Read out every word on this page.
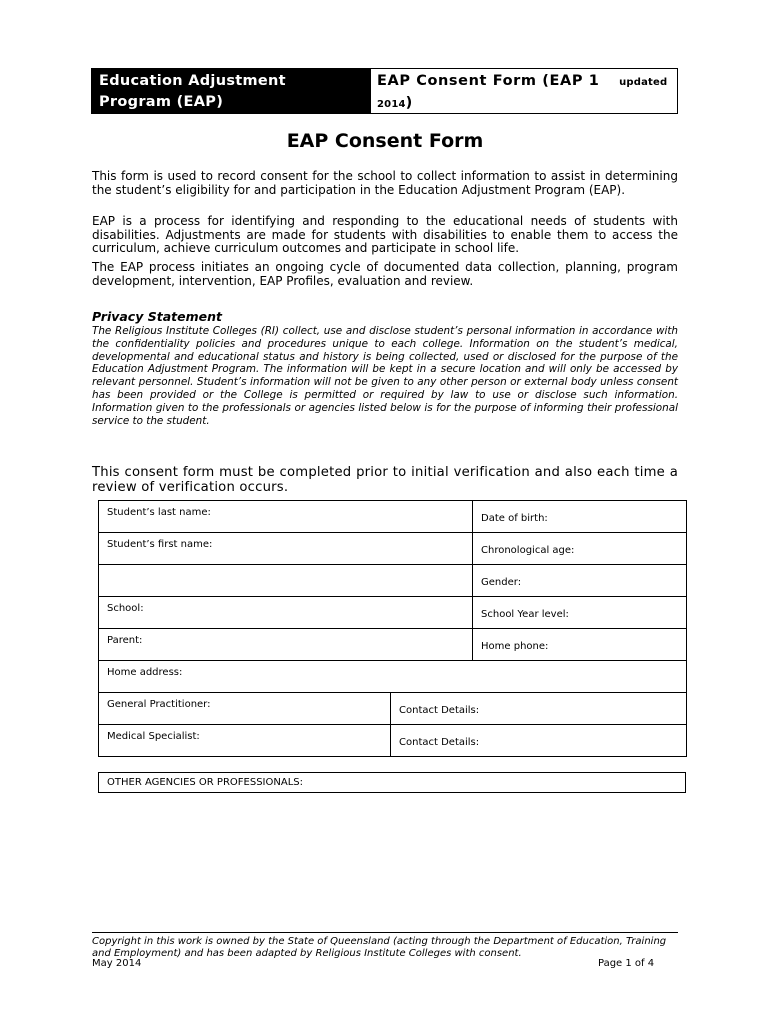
Education Adjustment
Program (EAP)
EAP Consent Form (EAP 1 updated
2014)
EAP Consent Form

This form is used to record consent for the school to collect information to assist in determining the student’s eligibility for and participation in the Education Adjustment Program (EAP).

EAP is a process for identifying and responding to the educational needs of students with disabilities. Adjustments are made for students with disabilities to enable them to access the curriculum, achieve curriculum outcomes and participate in school life.

The EAP process initiates an ongoing cycle of documented data collection, planning, program development, intervention, EAP Profiles, evaluation and review.

Privacy Statement

The Religious Institute Colleges (RI) collect, use and disclose student’s personal information in accordance with the confidentiality policies and procedures unique to each college. Information on the student’s medical, developmental and educational status and history is being collected, used or disclosed for the purpose of the Education Adjustment Program. The information will be kept in a secure location and will only be accessed by relevant personnel. Student’s information will not be given to any other person or external body unless consent has been provided or the College is permitted or required by law to use or disclose such information. Information given to the professionals or agencies listed below is for the purpose of informing their professional service to the student.

This consent form must be completed prior to initial verification and also each time a review of verification occurs.

Student’s last name:		Date of birth:
Student’s first name:		Chronological age:
		Gender:
School:		School Year level:
Parent:		Home phone:
Home address:		
General Practitioner:	Contact Details:	
Medical Specialist:	Contact Details:	
OTHER AGENCIES OR PROFESSIONALS:

Copyright in this work is owned by the State of Queensland (acting through the Department of Education, Training and Employment) and has been adapted by Religious Institute Colleges with consent.

May 2014	Page 1 of 4
